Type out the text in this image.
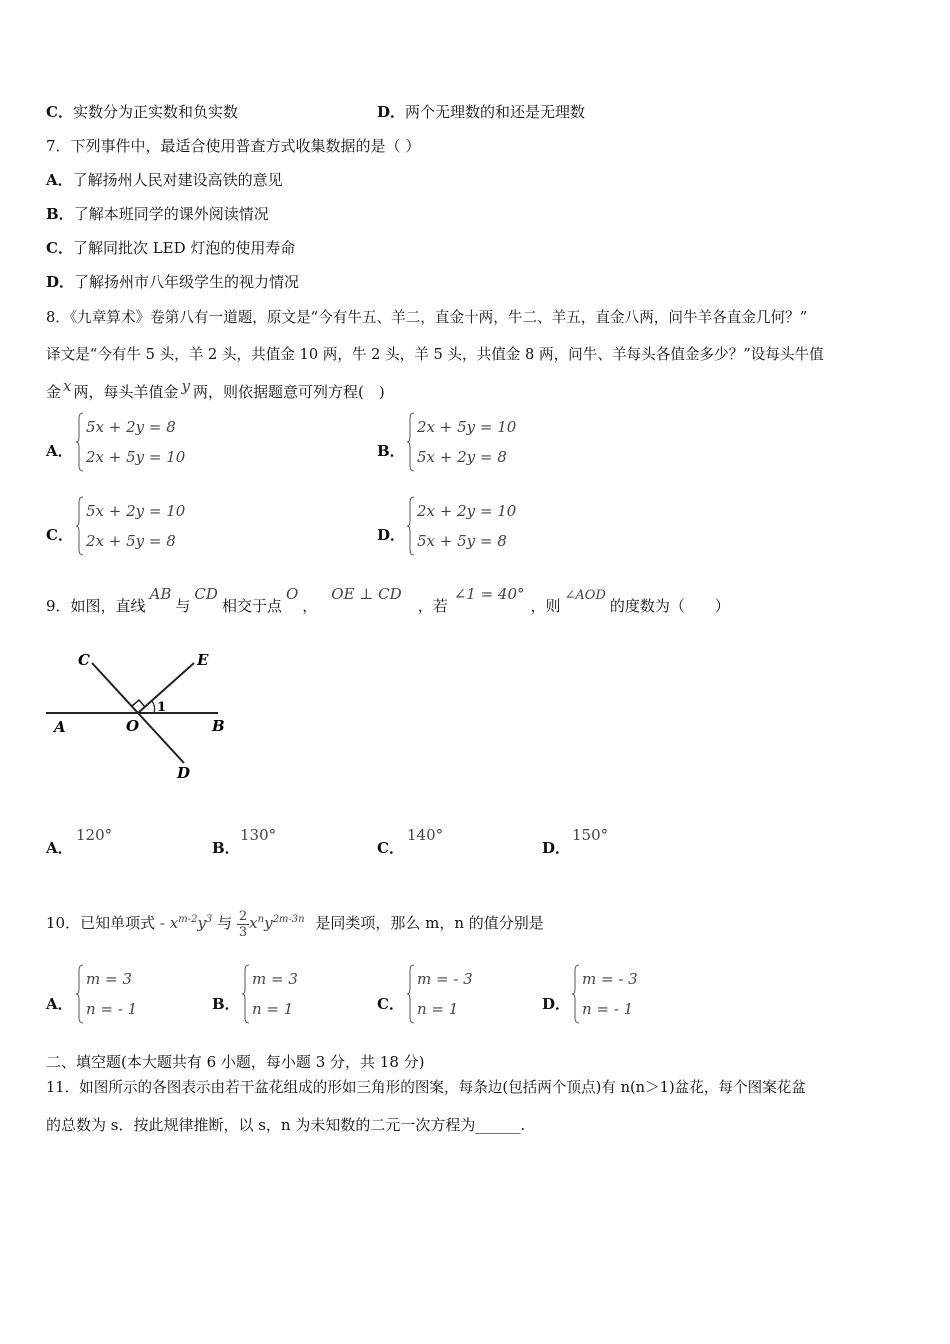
C．实数分为正实数和负实数	D．两个无理数的和还是无理数
7．下列事件中，最适合使用普查方式收集数据的是（ ）
A．了解扬州人民对建设高铁的意见
B．了解本班同学的课外阅读情况
C．了解同批次 LED 灯泡的使用寿命
D．了解扬州市八年级学生的视力情况
8．《九章算术》卷第八有一道题，原文是“今有牛五、羊二，直金十两，牛二、羊五，直金八两，问牛羊各直金几何？”
译文是“今有牛 5 头，羊 2 头，共值金 10 两，牛 2 头，羊 5 头，共值金 8 两，问牛、羊每头各值金多少？”设每头牛值
金 x 两，每头羊值金 y 两，则依据题意可列方程(　)
A．
5x + 2y = 8
2x + 5y = 10	B．
2x + 5y = 10
5x + 2y = 8
C．
5x + 2y = 10
2x + 5y = 8	D．
2x + 2y = 10
5x + 5y = 8
9．如图，直线AB与CD相交于点O，OE ⊥ CD，若∠1 = 40°，则∠AOD的度数为（　　）
C	E
A	O
1
B
D
A．
120°
B．
130°
C．
140°
D．
150°
10．已知单项式 - $x^{m-2}y^3$ 与 $\frac{2}{3} x^ny^{2m-3n}$ 是同类项，那么 m，n 的值分别是
A．
m = 3
n = - 1	B．
m = 3
n = 1	C．
m = - 3
n = 1	D．
m = - 3
n = - 1
二、填空题(本大题共有 6 小题，每小题 3 分，共 18 分)
11．如图所示的各图表示由若干盆花组成的形如三角形的图案，每条边(包括两个顶点)有 n(n＞1)盆花，每个图案花盆
的总数为 s．按此规律推断，以 s，n 为未知数的二元一次方程为______.
